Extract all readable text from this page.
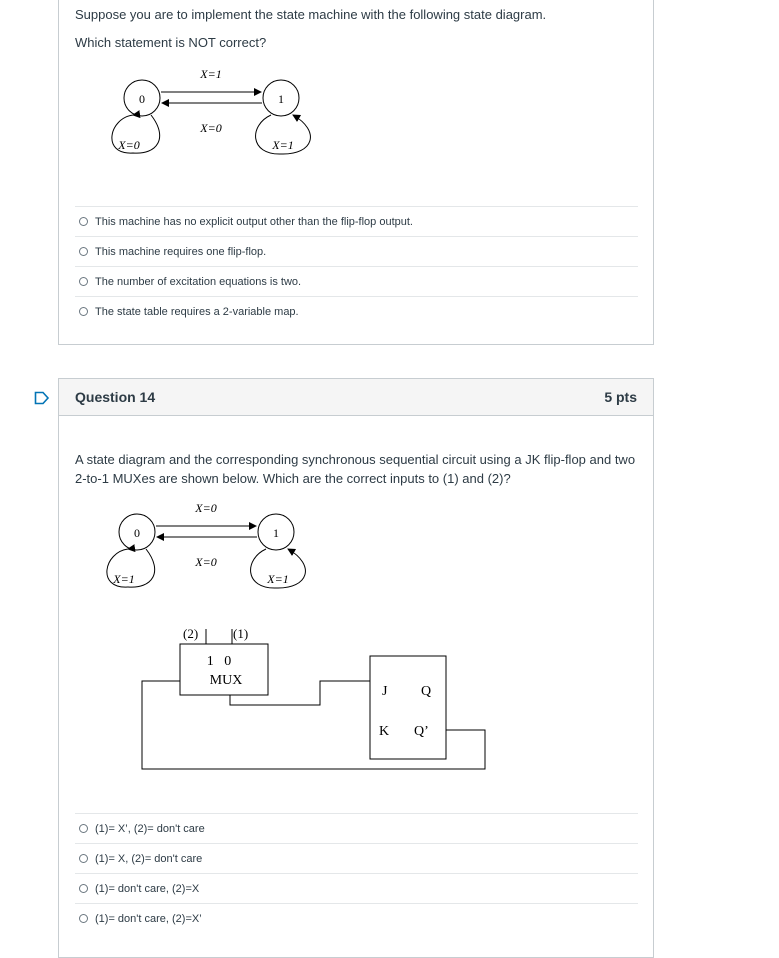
Suppose you are to implement the state machine with the following state diagram.
Which statement is NOT correct?
0	1
X=1
X=0
X=0	X=1
This machine has no explicit output other than the flip-flop output.
This machine requires one flip-flop.
The number of excitation equations is two.
The state table requires a 2-variable map.
Question 14	5 pts
A state diagram and the corresponding synchronous sequential circuit using a JK flip-flop and two 2-to-1 MUXes are shown below. Which are the correct inputs to (1) and (2)?
0	1
X=0
X=0
X=1	X=1
1   0
MUX
(2)	(1)
J Q
K Q’
(1)= X’, (2)= don't care
(1)= X, (2)= don't care
(1)= don't care, (2)=X
(1)= don't care, (2)=X’
